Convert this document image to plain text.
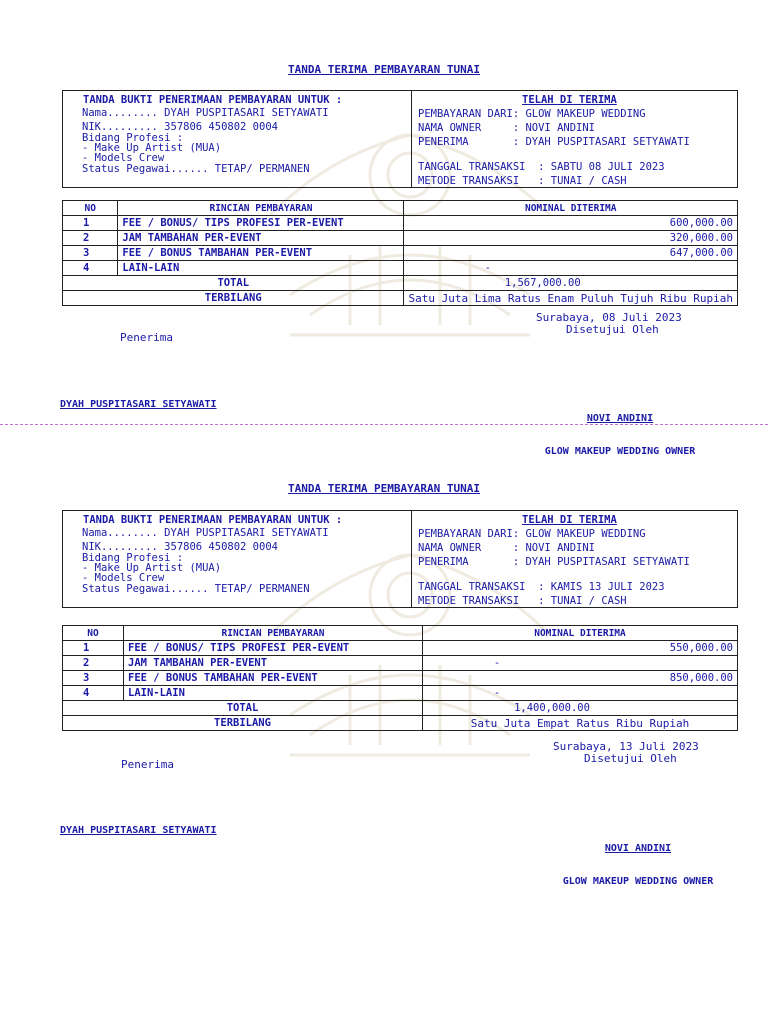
TANDA TERIMA PEMBAYARAN TUNAI
TANDA BUKTI PENERIMAAN PEMBAYARAN UNTUK :
Nama........ DYAH PUSPITASARI SETYAWATI
NIK......... 357806 450802 0004
Bidang Profesi :
- Make Up Artist (MUA)
- Models Crew
Status Pegawai...... TETAP/ PERMANEN
TELAH DI TERIMA
PEMBAYARAN DARI: GLOW MAKEUP WEDDING
NAMA OWNER     : NOVI ANDINI
PENERIMA       : DYAH PUSPITASARI SETYAWATI
TANGGAL TRANSAKSI  : SABTU 08 JULI 2023
METODE TRANSAKSI   : TUNAI / CASH
NO	RINCIAN PEMBAYARAN	NOMINAL DITERIMA
1	FEE / BONUS/ TIPS PROFESI PER-EVENT	600,000.00
2	JAM TAMBAHAN PER-EVENT	320,000.00
3	FEE / BONUS TAMBAHAN PER-EVENT	647,000.00
4	LAIN-LAIN	-
TOTAL		1,567,000.00
TERBILANG		Satu Juta Lima Ratus Enam Puluh Tujuh Ribu Rupiah
Surabaya, 08 Juli 2023
Disetujui Oleh
Penerima
DYAH PUSPITASARI SETYAWATI

NOVI ANDINI

GLOW MAKEUP WEDDING OWNER

TANDA TERIMA PEMBAYARAN TUNAI
TANDA BUKTI PENERIMAAN PEMBAYARAN UNTUK :
Nama........ DYAH PUSPITASARI SETYAWATI
NIK......... 357806 450802 0004
Bidang Profesi :
- Make Up Artist (MUA)
- Models Crew
Status Pegawai...... TETAP/ PERMANEN
TELAH DI TERIMA
PEMBAYARAN DARI: GLOW MAKEUP WEDDING
NAMA OWNER     : NOVI ANDINI
PENERIMA       : DYAH PUSPITASARI SETYAWATI
TANGGAL TRANSAKSI  : KAMIS 13 JULI 2023
METODE TRANSAKSI   : TUNAI / CASH
NO	RINCIAN PEMBAYARAN	NOMINAL DITERIMA
1	FEE / BONUS/ TIPS PROFESI PER-EVENT	550,000.00
2	JAM TAMBAHAN PER-EVENT	-
3	FEE / BONUS TAMBAHAN PER-EVENT	850,000.00
4	LAIN-LAIN	-
TOTAL		1,400,000.00
TERBILANG		Satu Juta Empat Ratus Ribu Rupiah
Surabaya, 13 Juli 2023
Disetujui Oleh
Penerima
DYAH PUSPITASARI SETYAWATI

NOVI ANDINI

GLOW MAKEUP WEDDING OWNER
